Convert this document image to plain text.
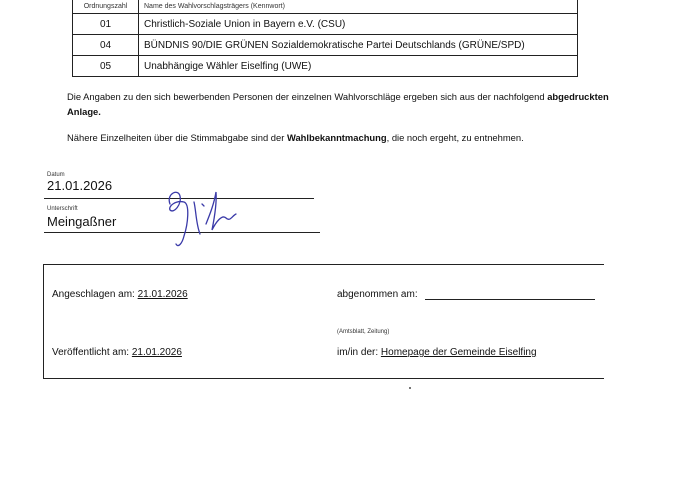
Ordnungszahl	Name des Wahlvorschlagsträgers (Kennwort)
01	Christlich-Soziale Union in Bayern e.V. (CSU)
04	BÜNDNIS 90/DIE GRÜNEN Sozialdemokratische Partei Deutschlands (GRÜNE/SPD)
05	Unabhängige Wähler Eiselfing (UWE)

Die Angaben zu den sich bewerbenden Personen der einzelnen Wahlvorschläge ergeben sich aus der nachfolgend abgedruckten Anlage.

Nähere Einzelheiten über die Stimmabgabe sind der Wahlbekanntmachung, die noch ergeht, zu entnehmen.

Datum
21.01.2026
Unterschrift
Meingaßner
Angeschlagen am: 21.01.2026	abgenommen am:
(Amtsblatt, Zeitung)
Veröffentlicht am: 21.01.2026	im/in der: Homepage der Gemeinde Eiselfing
